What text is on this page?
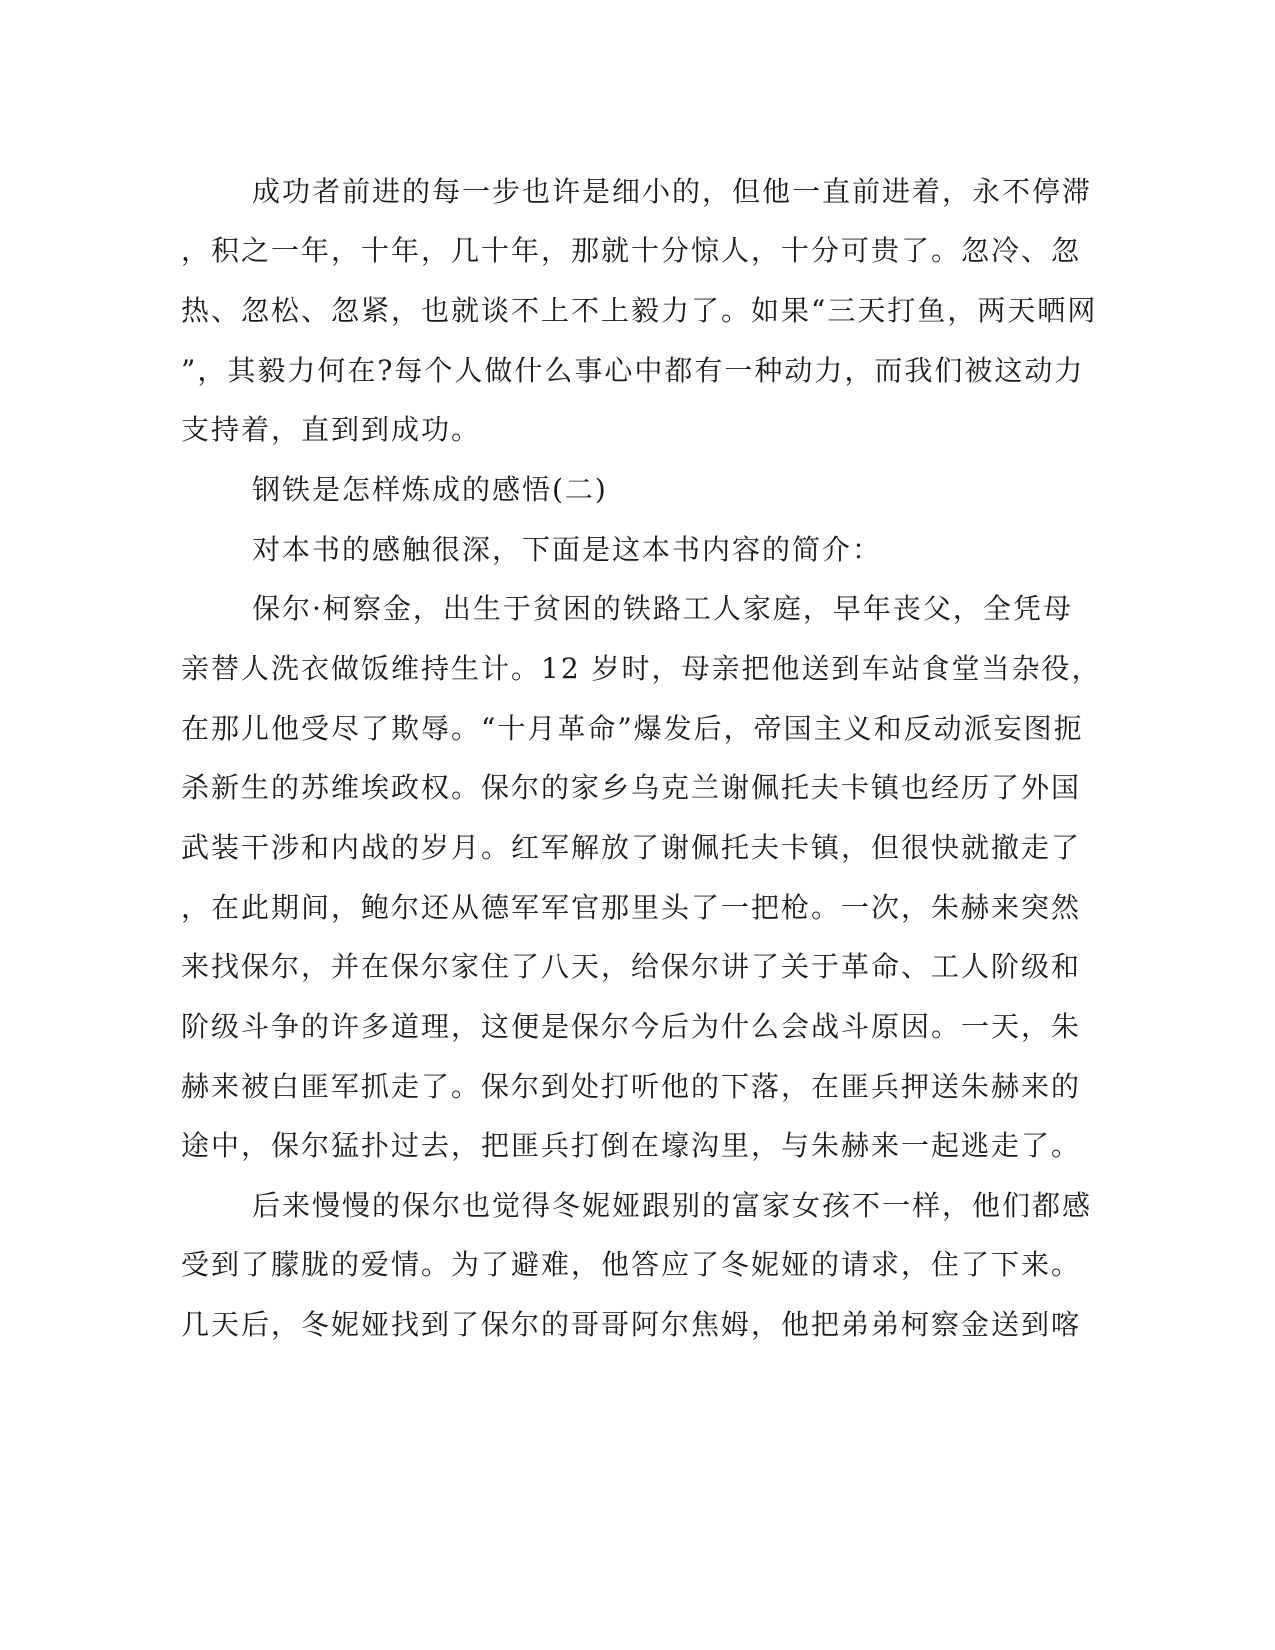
成功者前进的每一步也许是细小的，但他一直前进着，永不停滞

，积之一年，十年，几十年，那就十分惊人，十分可贵了。忽冷、忽

热、忽松、忽紧，也就谈不上不上毅力了。如果“三天打鱼，两天晒网

”，其毅力何在?每个人做什么事心中都有一种动力，而我们被这动力

支持着，直到到成功。

钢铁是怎样炼成的感悟(二)

对本书的感触很深，下面是这本书内容的简介：

保尔·柯察金，出生于贫困的铁路工人家庭，早年丧父，全凭母

亲替人洗衣做饭维持生计。12 岁时，母亲把他送到车站食堂当杂役，

在那儿他受尽了欺辱。“十月革命”爆发后，帝国主义和反动派妄图扼

杀新生的苏维埃政权。保尔的家乡乌克兰谢佩托夫卡镇也经历了外国

武装干涉和内战的岁月。红军解放了谢佩托夫卡镇，但很快就撤走了

，在此期间，鲍尔还从德军军官那里头了一把枪。一次，朱赫来突然

来找保尔，并在保尔家住了八天，给保尔讲了关于革命、工人阶级和

阶级斗争的许多道理，这便是保尔今后为什么会战斗原因。一天，朱

赫来被白匪军抓走了。保尔到处打听他的下落，在匪兵押送朱赫来的

途中，保尔猛扑过去，把匪兵打倒在壕沟里，与朱赫来一起逃走了。

后来慢慢的保尔也觉得冬妮娅跟别的富家女孩不一样，他们都感

受到了朦胧的爱情。为了避难，他答应了冬妮娅的请求，住了下来。

几天后，冬妮娅找到了保尔的哥哥阿尔焦姆，他把弟弟柯察金送到喀
